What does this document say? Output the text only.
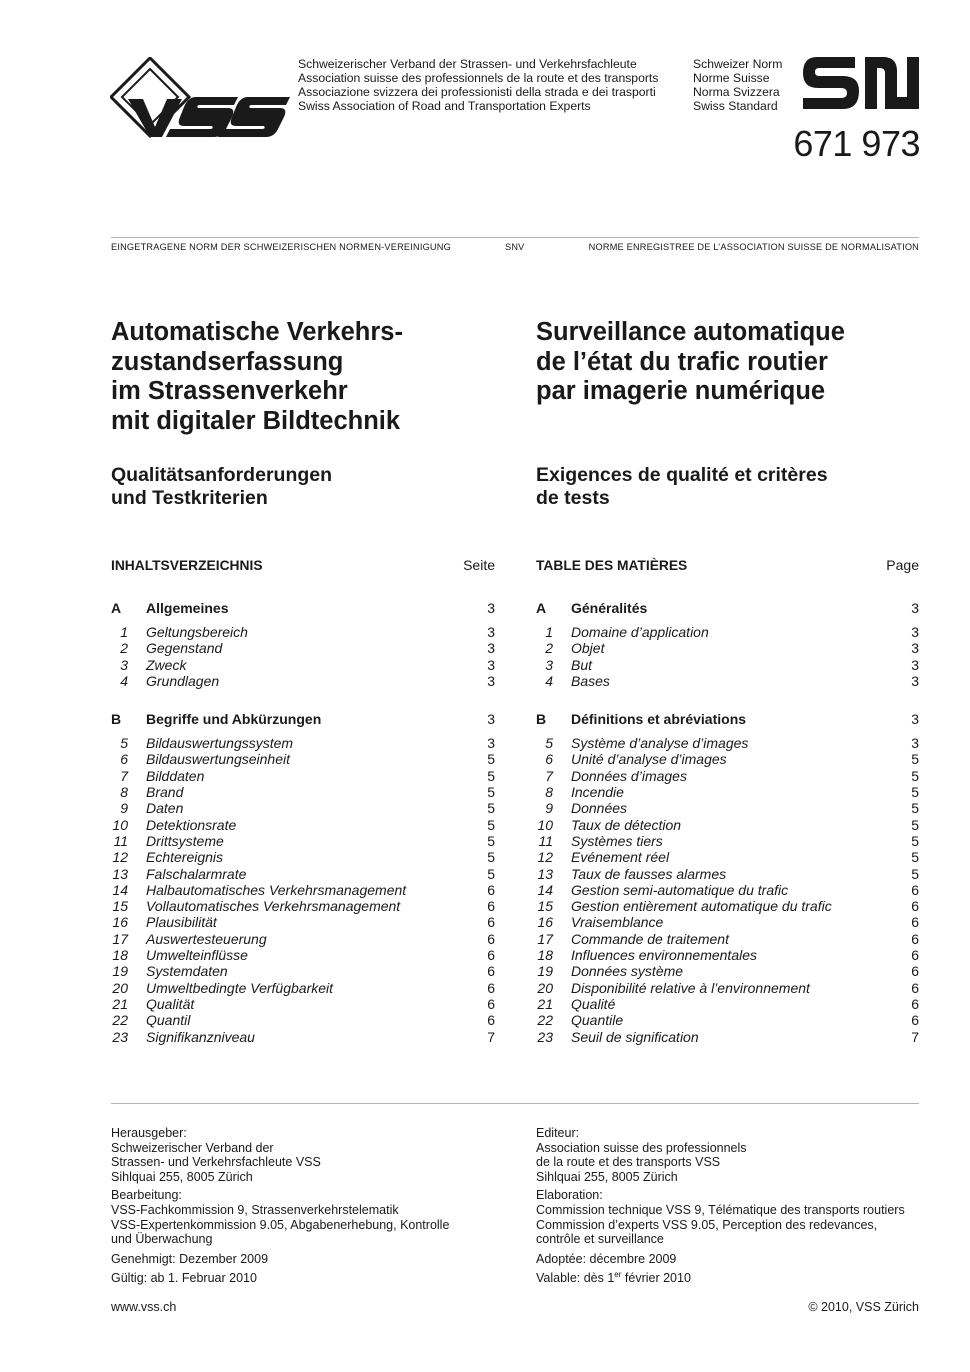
Schweizerischer Verband der Strassen- und Verkehrsfachleute
Association suisse des professionnels de la route et des transports
Associazione svizzera dei professionisti della strada e dei trasporti
Swiss Association of Road and Transportation Experts
Schweizer Norm
Norme Suisse
Norma Svizzera
Swiss Standard
671 973
EINGETRAGENE NORM DER SCHWEIZERISCHEN NORMEN-VEREINIGUNG	SNV	NORME ENREGISTREE DE L’ASSOCIATION SUISSE DE NORMALISATION
Automatische Verkehrs-
zustandserfassung
im Strassenverkehr
mit digitaler Bildtechnik
Surveillance automatique
de l’état du trafic routier
par imagerie numérique
Qualitätsanforderungen
und Testkriterien
Exigences de qualité et critères
de tests
INHALTSVERZEICHNIS	Seite
A Allgemeines	3
1 Geltungsbereich	3
2 Gegenstand	3
3 Zweck	3
4 Grundlagen	3
B Begriffe und Abkürzungen	3
5 Bildauswertungssystem	3
6 Bildauswertungseinheit	5
7 Bilddaten	5
8 Brand	5
9 Daten	5
10 Detektionsrate	5
11 Drittsysteme	5
12 Echtereignis	5
13 Falschalarmrate	5
14 Halbautomatisches Verkehrsmanagement	6
15 Vollautomatisches Verkehrsmanagement	6
16 Plausibilität	6
17 Auswertesteuerung	6
18 Umwelteinflüsse	6
19 Systemdaten	6
20 Umweltbedingte Verfügbarkeit	6
21 Qualität	6
22 Quantil	6
23 Signifikanzniveau	7
TABLE DES MATIÈRES	Page
A Généralités	3
1 Domaine d’application	3
2 Objet	3
3 But	3
4 Bases	3
B Définitions et abréviations	3
5 Système d’analyse d’images	3
6 Unité d’analyse d’images	5
7 Données d’images	5
8 Incendie	5
9 Données	5
10 Taux de détection	5
11 Systèmes tiers	5
12 Evénement réel	5
13 Taux de fausses alarmes	5
14 Gestion semi-automatique du trafic	6
15 Gestion entièrement automatique du trafic	6
16 Vraisemblance	6
17 Commande de traitement	6
18 Influences environnementales	6
19 Données système	6
20 Disponibilité relative à l’environnement	6
21 Qualité	6
22 Quantile	6
23 Seuil de signification	7
Herausgeber:
Schweizerischer Verband der
Strassen- und Verkehrsfachleute VSS
Sihlquai 255, 8005 Zürich
Bearbeitung:
VSS-Fachkommission 9, Strassenverkehrstelematik
VSS-Expertenkommission 9.05, Abgabenerhebung, Kontrolle
und Überwachung
Genehmigt: Dezember 2009
Gültig: ab 1. Februar 2010
Editeur:
Association suisse des professionnels
de la route et des transports VSS
Sihlquai 255, 8005 Zürich
Elaboration:
Commission technique VSS 9, Télématique des transports routiers
Commission d’experts VSS 9.05, Perception des redevances,
contrôle et surveillance
Adoptée: décembre 2009
Valable: dès 1er février 2010
www.vss.ch	© 2010, VSS Zürich
